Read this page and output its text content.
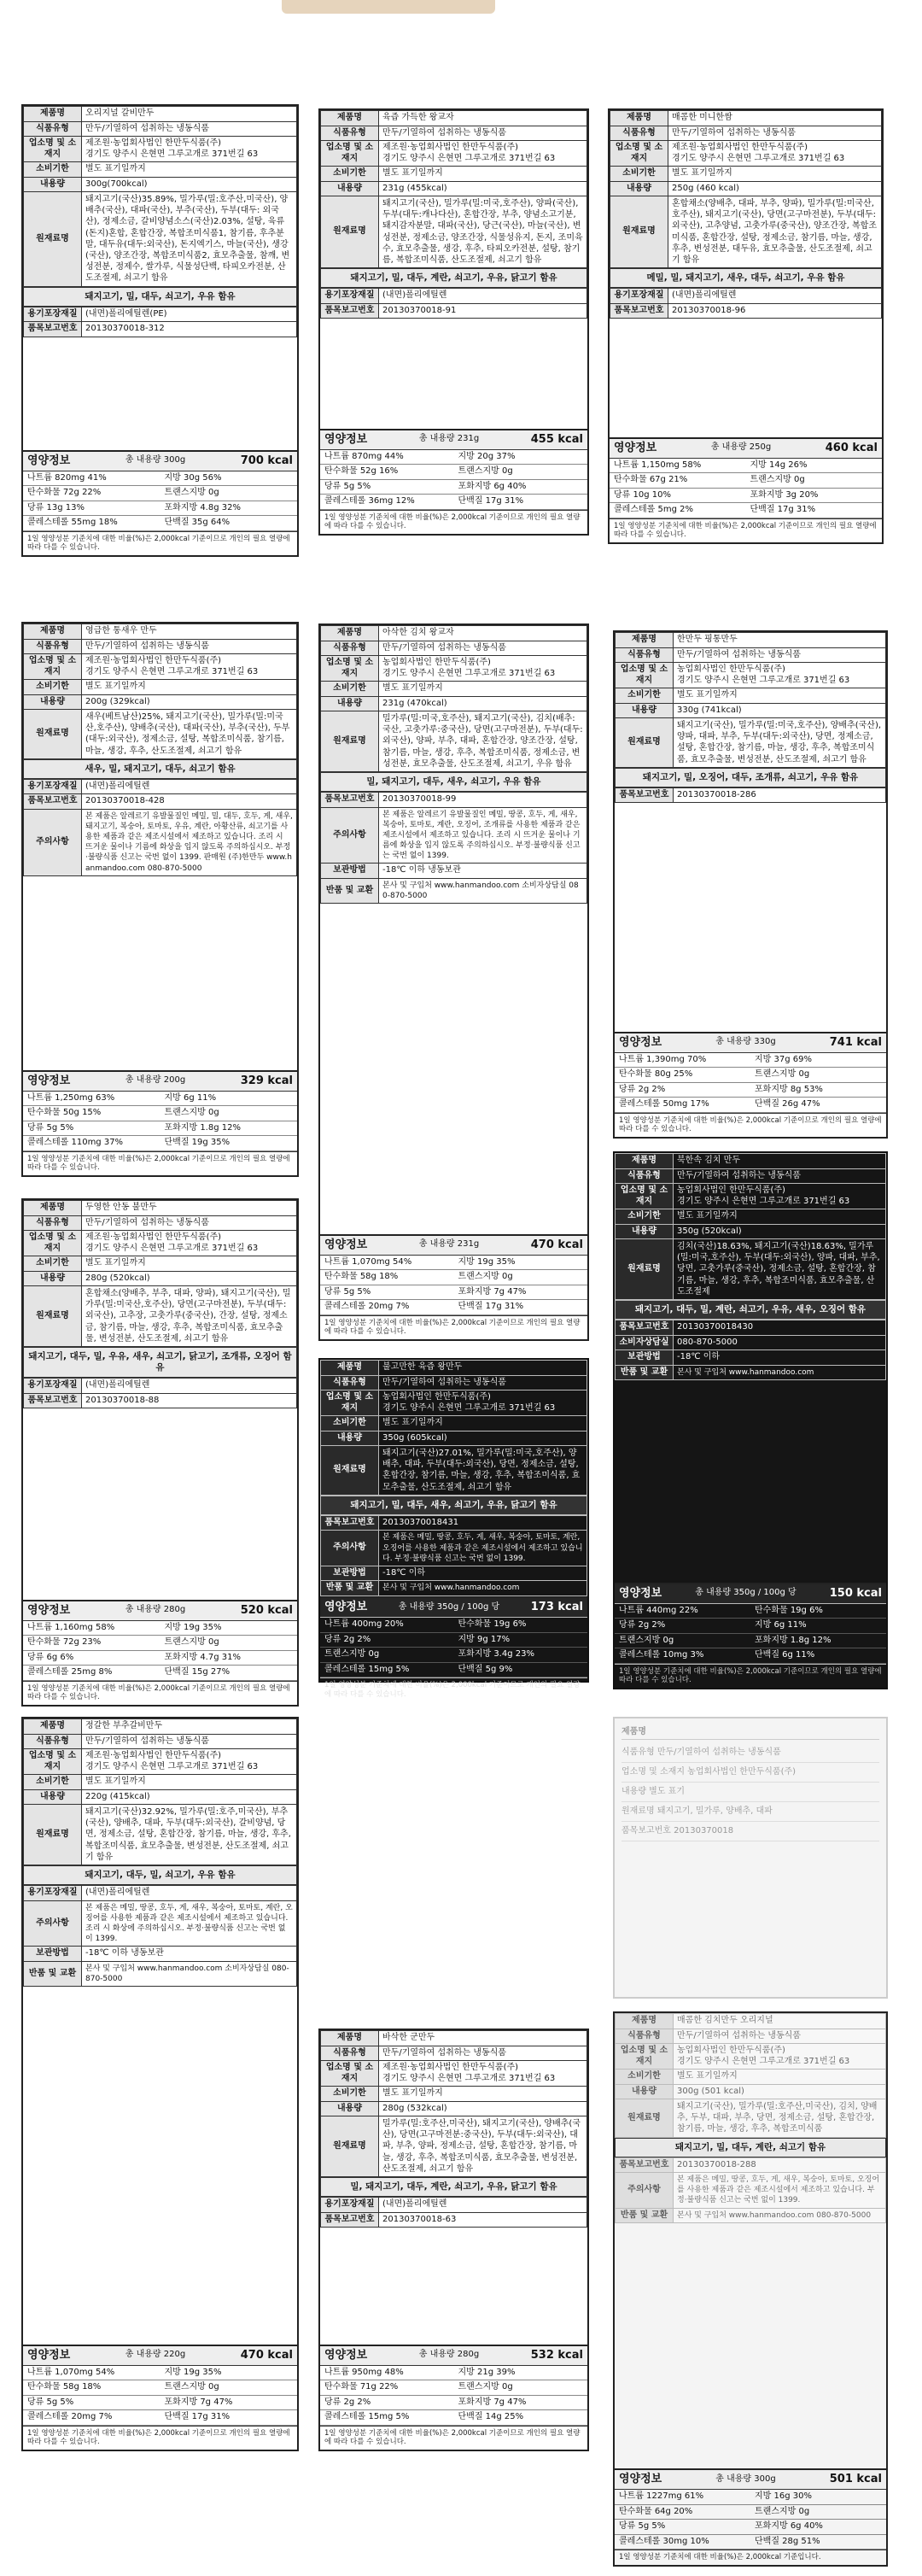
제품명	오리지널 갈비만두
식품유형	만두/기열하여 섭취하는 냉동식품
업소명 및 소재지	제조원·농업회사법인 한만두식품(주)
경기도 양주시 은현면 그루고개로 371번길 63

소비기한	별도 표기일까지
내용량	300g(700kcal)
원재료명	돼지고기(국산)35.89%, 밀가루(밀:호주산,미국산), 양배추(국산), 대파(국산), 부추(국산), 두부(대두: 외국산), 정제소금, 갈비양념소스(국산)2.03%, 설탕, 육류(돈지)혼합, 혼합간장, 복합조미식품1, 참기름, 후추분말, 대두유(대두:외국산), 돈지엑기스, 마늘(국산), 생강(국산), 양조간장, 복합조미식품2, 효모추출물, 참깨, 변성전분, 정제수, 쌀가루, 식물성단백, 타피오카전분, 산도조절제, 쇠고기 함유
돼지고기, 밀, 대두, 쇠고기, 우유 함유
용기포장재질	(내면)폴리에틸렌(PE)
품목보고번호	20130370018-312
영양정보	총 내용량 300g	700 kcal
나트륨 820mg 41%	지방 30g 56%
탄수화물 72g 22%	트랜스지방 0g
당류 13g 13%	포화지방 4.8g 32%
콜레스테롤 55mg 18%	단백질 35g 64%
1일 영양성분 기준치에 대한 비율(%)은 2,000kcal 기준이므로 개인의 필요 열량에 따라 다를 수 있습니다.
제품명	육즙 가득한 왕교자
식품유형	만두/기열하여 섭취하는 냉동식품
업소명 및 소재지	제조원·농업회사법인 한만두식품(주)
경기도 양주시 은현면 그루고개로 371번길 63

소비기한	별도 표기일까지
내용량	231g (455kcal)
원재료명	돼지고기(국산), 밀가루(밀:미국,호주산), 양파(국산), 두부(대두:캐나다산), 혼합간장, 부추, 양념소고기분, 돼지감자분말, 대파(국산), 당근(국산), 마늘(국산), 변성전분, 정제소금, 양조간장, 식물성유지, 돈지, 조미육수, 효모추출물, 생강, 후추, 타피오카전분, 설탕, 참기름, 복합조미식품, 산도조절제, 쇠고기 함유
돼지고기, 밀, 대두, 계란, 쇠고기, 우유, 닭고기 함유
용기포장재질	(내면)폴리에틸렌
품목보고번호	20130370018-91
영양정보	총 내용량 231g	455 kcal
나트륨 870mg 44%	지방 20g 37%
탄수화물 52g 16%	트랜스지방 0g
당류 5g 5%	포화지방 6g 40%
콜레스테롤 36mg 12%	단백질 17g 31%
1일 영양성분 기준치에 대한 비율(%)은 2,000kcal 기준이므로 개인의 필요 열량에 따라 다를 수 있습니다.
제품명	매콤한 미니한쌈
식품유형	만두/기열하여 섭취하는 냉동식품
업소명 및 소재지	제조원·농업회사법인 한만두식품(주)
경기도 양주시 은현면 그루고개로 371번길 63

소비기한	별도 표기일까지
내용량	250g (460 kcal)
원재료명	혼합채소(양배추, 대파, 부추, 양파), 밀가루(밀:미국산, 호주산), 돼지고기(국산), 당면(고구마전분), 두부(대두:외국산), 고추양념, 고춧가루(중국산), 양조간장, 복합조미식품, 혼합간장, 설탕, 정제소금, 참기름, 마늘, 생강, 후추, 변성전분, 대두유, 효모추출물, 산도조절제, 쇠고기 함유
메밀, 밀, 돼지고기, 새우, 대두, 쇠고기, 우유 함유
용기포장재질	(내면)폴리에틸렌
품목보고번호	20130370018-96
영양정보	총 내용량 250g	460 kcal
나트륨 1,150mg 58%	지방 14g 26%
탄수화물 67g 21%	트랜스지방 0g
당류 10g 10%	포화지방 3g 20%
콜레스테롤 5mg 2%	단백질 17g 31%
1일 영양성분 기준치에 대한 비율(%)은 2,000kcal 기준이므로 개인의 필요 열량에 따라 다를 수 있습니다.
제품명	영급한 통새우 만두
식품유형	만두/기열하여 섭취하는 냉동식품
업소명 및 소재지	제조원·농업회사법인 한만두식품(주)
경기도 양주시 은현면 그루고개로 371번길 63

소비기한	별도 표기일까지
내용량	200g (329kcal)
원재료명	새우(베트남산)25%, 돼지고기(국산), 밀가루(밀:미국산,호주산), 양배추(국산), 대파(국산), 부추(국산), 두부(대두:외국산), 정제소금, 설탕, 복합조미식품, 참기름, 마늘, 생강, 후추, 산도조절제, 쇠고기 함유
새우, 밀, 돼지고기, 대두, 쇠고기 함유
용기포장재질	(내면)폴리에틸렌
품목보고번호	20130370018-428
주의사항	본 제품은 알레르기 유발물질인 메밀, 밀, 대두, 호두, 게, 새우, 돼지고기, 복숭아, 토마토, 우유, 계란, 아황산류, 쇠고기를 사용한 제품과 같은 제조시설에서 제조하고 있습니다. 조리 시 뜨거운 물이나 기름에 화상을 입지 않도록 주의하십시오. 부정·불량식품 신고는 국번 없이 1399. 판매원 (주)한만두 www.hanmandoo.com 080-870-5000
영양정보	총 내용량 200g	329 kcal
나트륨 1,250mg 63%	지방 6g 11%
탄수화물 50g 15%	트랜스지방 0g
당류 5g 5%	포화지방 1.8g 12%
콜레스테롤 110mg 37%	단백질 19g 35%
1일 영양성분 기준치에 대한 비율(%)은 2,000kcal 기준이므로 개인의 필요 열량에 따라 다를 수 있습니다.
제품명	아삭한 김치 왕교자
식품유형	만두/기열하여 섭취하는 냉동식품
업소명 및 소재지	농업회사법인 한만두식품(주)
경기도 양주시 은현면 그루고개로 371번길 63

소비기한	별도 표기일까지
내용량	231g (470kcal)
원재료명	밀가루(밀:미국,호주산), 돼지고기(국산), 김치(배추:국산, 고춧가루:중국산), 당면(고구마전분), 두부(대두:외국산), 양파, 부추, 대파, 혼합간장, 양조간장, 설탕, 참기름, 마늘, 생강, 후추, 복합조미식품, 정제소금, 변성전분, 효모추출물, 산도조절제, 쇠고기, 우유 함유
밀, 돼지고기, 대두, 새우, 쇠고기, 우유 함유
품목보고번호	20130370018-99
주의사항	본 제품은 알레르기 유발물질인 메밀, 땅콩, 호두, 게, 새우, 복숭아, 토마토, 계란, 오징어, 조개류를 사용한 제품과 같은 제조시설에서 제조하고 있습니다. 조리 시 뜨거운 물이나 기름에 화상을 입지 않도록 주의하십시오. 부정·불량식품 신고는 국번 없이 1399.
보관방법	-18℃ 이하 냉동보관
반품 및 교환	본사 및 구입처 www.hanmandoo.com 소비자상담실 080-870-5000
영양정보	총 내용량 231g	470 kcal
나트륨 1,070mg 54%	지방 19g 35%
탄수화물 58g 18%	트랜스지방 0g
당류 5g 5%	포화지방 7g 47%
콜레스테롤 20mg 7%	단백질 17g 31%
1일 영양성분 기준치에 대한 비율(%)은 2,000kcal 기준이므로 개인의 필요 열량에 따라 다를 수 있습니다.
제품명	한만두 핑통만두
식품유형	만두/기열하여 섭취하는 냉동식품
업소명 및 소재지	농업회사법인 한만두식품(주)
경기도 양주시 은현면 그루고개로 371번길 63

소비기한	별도 표기일까지
내용량	330g (741kcal)
원재료명	돼지고기(국산), 밀가루(밀:미국,호주산), 양배추(국산), 양파, 대파, 부추, 두부(대두:외국산), 당면, 정제소금, 설탕, 혼합간장, 참기름, 마늘, 생강, 후추, 복합조미식품, 효모추출물, 변성전분, 산도조절제, 쇠고기 함유
돼지고기, 밀, 오징어, 대두, 조개류, 쇠고기, 우유 함유
품목보고번호	20130370018-286
영양정보	총 내용량 330g	741 kcal
나트륨 1,390mg 70%	지방 37g 69%
탄수화물 80g 25%	트랜스지방 0g
당류 2g 2%	포화지방 8g 53%
콜레스테롤 50mg 17%	단백질 26g 47%
1일 영양성분 기준치에 대한 비율(%)은 2,000kcal 기준이므로 개인의 필요 열량에 따라 다를 수 있습니다.
제품명	두영한 안동 불만두
식품유형	만두/기열하여 섭취하는 냉동식품
업소명 및 소재지	제조원·농업회사법인 한만두식품(주)
경기도 양주시 은현면 그루고개로 371번길 63

소비기한	별도 표기일까지
내용량	280g (520kcal)
원재료명	혼합채소(양배추, 부추, 대파, 양파), 돼지고기(국산), 밀가루(밀:미국산,호주산), 당면(고구마전분), 두부(대두:외국산), 고추장, 고춧가루(중국산), 간장, 설탕, 정제소금, 참기름, 마늘, 생강, 후추, 복합조미식품, 효모추출물, 변성전분, 산도조절제, 쇠고기 함유
돼지고기, 대두, 밀, 우유, 새우, 쇠고기, 닭고기, 조개류, 오징어 함유
용기포장재질	(내면)폴리에틸렌
품목보고번호	20130370018-88
영양정보	총 내용량 280g	520 kcal
나트륨 1,160mg 58%	지방 19g 35%
탄수화물 72g 23%	트랜스지방 0g
당류 6g 6%	포화지방 4.7g 31%
콜레스테롤 25mg 8%	단백질 15g 27%
1일 영양성분 기준치에 대한 비율(%)은 2,000kcal 기준이므로 개인의 필요 열량에 따라 다를 수 있습니다.
제품명	불고만한 육즙 왕만두
식품유형	만두/기열하여 섭취하는 냉동식품
업소명 및 소재지	농업회사법인 한만두식품(주)
경기도 양주시 은현면 그루고개로 371번길 63

소비기한	별도 표기일까지
내용량	350g (605kcal)
원재료명	돼지고기(국산)27.01%, 밀가루(밀:미국,호주산), 양배추, 대파, 두부(대두:외국산), 당면, 정제소금, 설탕, 혼합간장, 참기름, 마늘, 생강, 후추, 복합조미식품, 효모추출물, 산도조절제, 쇠고기 함유
돼지고기, 밀, 대두, 새우, 쇠고기, 우유, 닭고기 함유
품목보고번호	20130370018431
주의사항	본 제품은 메밀, 땅콩, 호두, 게, 새우, 복숭아, 토마토, 계란, 오징어를 사용한 제품과 같은 제조시설에서 제조하고 있습니다. 부정·불량식품 신고는 국번 없이 1399.
보관방법	-18℃ 이하
반품 및 교환	본사 및 구입처 www.hanmandoo.com
영양정보	총 내용량 350g / 100g 당	173 kcal
나트륨 400mg 20%	탄수화물 19g 6%
당류 2g 2%	지방 9g 17%
트랜스지방 0g	포화지방 3.4g 23%
콜레스테롤 15mg 5%	단백질 5g 9%
1일 영양성분 기준치에 대한 비율(%)은 2,000kcal 기준이므로 개인의 필요 열량에 따라 다를 수 있습니다.
제품명	북한속 김치 만두
식품유형	만두/기열하여 섭취하는 냉동식품
업소명 및 소재지	농업회사법인 한만두식품(주)
경기도 양주시 은현면 그루고개로 371번길 63

소비기한	별도 표기일까지
내용량	350g (520kcal)
원재료명	김치(국산)18.63%, 돼지고기(국산)18.63%, 밀가루(밀:미국,호주산), 두부(대두:외국산), 양파, 대파, 부추, 당면, 고춧가루(중국산), 정제소금, 설탕, 혼합간장, 참기름, 마늘, 생강, 후추, 복합조미식품, 효모추출물, 산도조절제
돼지고기, 대두, 밀, 계란, 쇠고기, 우유, 새우, 오징어 함유
품목보고번호	20130370018430
소비자상담실	080-870-5000
보관방법	-18℃ 이하
반품 및 교환	본사 및 구입처 www.hanmandoo.com
영양정보	총 내용량 350g / 100g 당	150 kcal
나트륨 440mg 22%	탄수화물 19g 6%
당류 2g 2%	지방 6g 11%
트랜스지방 0g	포화지방 1.8g 12%
콜레스테롤 10mg 3%	단백질 6g 11%
1일 영양성분 기준치에 대한 비율(%)은 2,000kcal 기준이므로 개인의 필요 열량에 따라 다를 수 있습니다.
제품명	정갈한 부추갈비만두
식품유형	만두/기열하여 섭취하는 냉동식품
업소명 및 소재지	제조원·농업회사법인 한만두식품(주)
경기도 양주시 은현면 그루고개로 371번길 63

소비기한	별도 표기일까지
내용량	220g (415kcal)
원재료명	돼지고기(국산)32.92%, 밀가루(밀:호주,미국산), 부추(국산), 양배추, 대파, 두부(대두:외국산), 갈비양념, 당면, 정제소금, 설탕, 혼합간장, 참기름, 마늘, 생강, 후추, 복합조미식품, 효모추출물, 변성전분, 산도조절제, 쇠고기 함유
돼지고기, 대두, 밀, 쇠고기, 우유 함유
용기포장재질	(내면)폴리에틸렌
주의사항	본 제품은 메밀, 땅콩, 호두, 게, 새우, 복숭아, 토마토, 계란, 오징어를 사용한 제품과 같은 제조시설에서 제조하고 있습니다. 조리 시 화상에 주의하십시오. 부정·불량식품 신고는 국번 없이 1399.
보관방법	-18℃ 이하 냉동보관
반품 및 교환	본사 및 구입처 www.hanmandoo.com 소비자상담실 080-870-5000
영양정보	총 내용량 220g	470 kcal
나트륨 1,070mg 54%	지방 19g 35%
탄수화물 58g 18%	트랜스지방 0g
당류 5g 5%	포화지방 7g 47%
콜레스테롤 20mg 7%	단백질 17g 31%
1일 영양성분 기준치에 대한 비율(%)은 2,000kcal 기준이므로 개인의 필요 열량에 따라 다를 수 있습니다.
제품명	바삭한 군만두
식품유형	만두/기열하여 섭취하는 냉동식품
업소명 및 소재지	제조원·농업회사법인 한만두식품(주)
경기도 양주시 은현면 그루고개로 371번길 63

소비기한	별도 표기일까지
내용량	280g (532kcal)
원재료명	밀가루(밀:호주산,미국산), 돼지고기(국산), 양배추(국산), 당면(고구마전분:중국산), 두부(대두:외국산), 대파, 부추, 양파, 정제소금, 설탕, 혼합간장, 참기름, 마늘, 생강, 후추, 복합조미식품, 효모추출물, 변성전분, 산도조절제, 쇠고기 함유
밀, 돼지고기, 대두, 계란, 쇠고기, 우유, 닭고기 함유
용기포장재질	(내면)폴리에틸렌
품목보고번호	20130370018-63
영양정보	총 내용량 280g	532 kcal
나트륨 950mg 48%	지방 21g 39%
탄수화물 71g 22%	트랜스지방 0g
당류 2g 2%	포화지방 7g 47%
콜레스테롤 15mg 5%	단백질 14g 25%
1일 영양성분 기준치에 대한 비율(%)은 2,000kcal 기준이므로 개인의 필요 열량에 따라 다를 수 있습니다.
제품명	매콤한 김치만두 오리지널
식품유형	만두/기열하여 섭취하는 냉동식품
업소명 및 소재지	농업회사법인 한만두식품(주)
경기도 양주시 은현면 그루고개로 371번길 63

소비기한	별도 표기일까지
내용량	300g (501 kcal)
원재료명	돼지고기(국산), 밀가루(밀:호주산,미국산), 김치, 양배추, 두부, 대파, 부추, 당면, 정제소금, 설탕, 혼합간장, 참기름, 마늘, 생강, 후추, 복합조미식품
돼지고기, 밀, 대두, 계란, 쇠고기 함유
품목보고번호	20130370018-288
주의사항	본 제품은 메밀, 땅콩, 호두, 게, 새우, 복숭아, 토마토, 오징어를 사용한 제품과 같은 제조시설에서 제조하고 있습니다. 부정·불량식품 신고는 국번 없이 1399.
반품 및 교환	본사 및 구입처 www.hanmandoo.com 080-870-5000
영양정보	총 내용량 300g	501 kcal
나트륨 1227mg 61%	지방 16g 30%
탄수화물 64g 20%	트랜스지방 0g
당류 5g 5%	포화지방 6g 40%
콜레스테롤 30mg 10%	단백질 28g 51%
1일 영양성분 기준치에 대한 비율(%)은 2,000kcal 기준입니다.
제품명
식품유형 만두/기열하여 섭취하는 냉동식품
업소명 및 소재지 농업회사법인 한만두식품(주)
내용량 별도 표기
원재료명 돼지고기, 밀가루, 양배추, 대파
품목보고번호 20130370018
